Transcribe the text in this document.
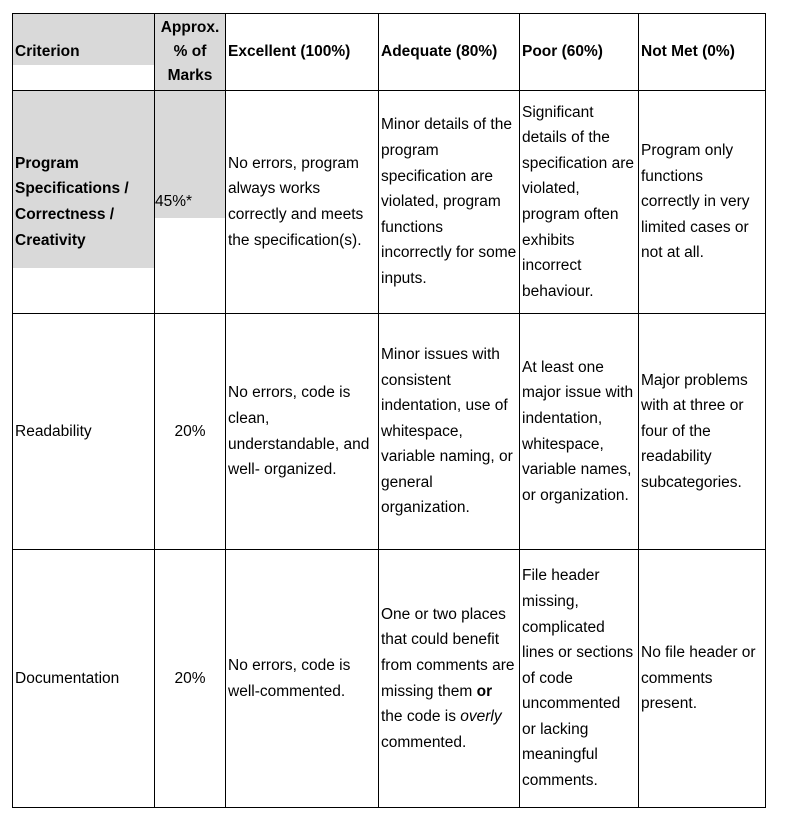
Criterion	Approx. % of Marks	Excellent (100%)	Adequate (80%)	Poor (60%)	Not Met (0%)

Program Specifications / Correctness / Creativity	45%*	No errors, program always works correctly and meets the specification(s).	Minor details of the program specification are violated, program functions incorrectly for some inputs.	Significant details of the specification are violated, program often exhibits incorrect behaviour.	Program only functions correctly in very limited cases or not at all.
Readability	20%	No errors, code is clean, understandable, and well- organized.	Minor issues with consistent indentation, use of whitespace, variable naming, or general organization.	At least one major issue with indentation, whitespace, variable names, or organization.	Major problems with at three or four of the readability subcategories.
Documentation	20%	No errors, code is well-commented.	One or two places that could benefit from comments are missing them or the code is overly commented.	File header missing, complicated lines or sections of code uncommented or lacking meaningful comments.	No file header or comments present.
